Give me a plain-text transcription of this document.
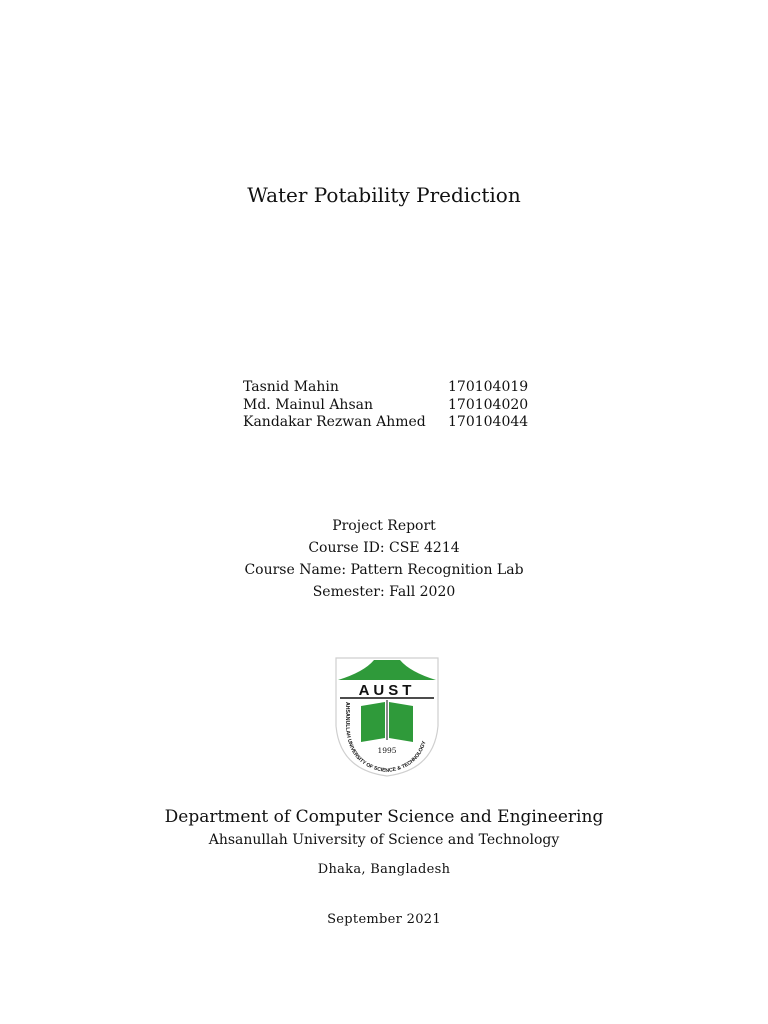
Water Potability Prediction
Tasnid Mahin	170104019
Md. Mainul Ahsan	170104020
Kandakar Rezwan Ahmed	170104044
Project Report
Course ID: CSE 4214
Course Name: Pattern Recognition Lab
Semester: Fall 2020
AUST
1995
AHSANULLAH UNIVERSITY OF SCIENCE & TECHNOLOGY
Department of Computer Science and Engineering
Ahsanullah University of Science and Technology
Dhaka, Bangladesh
September 2021
